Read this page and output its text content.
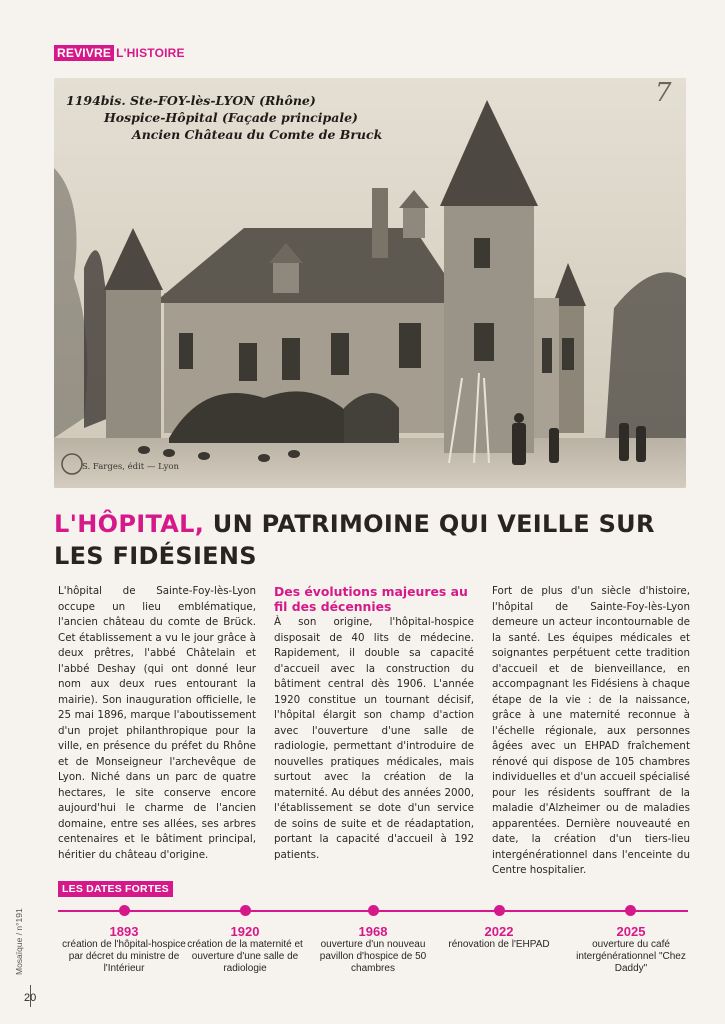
REVIVRE L'HISTOIRE
1194bis. Ste-FOY-lès-LYON (Rhône)
Hospice-Hôpital (Façade principale)
Ancien Château du Comte de Bruck
S. Farges, édit — Lyon
7
L'HÔPITAL, UN PATRIMOINE QUI VEILLE SUR LES FIDÉSIENS
L'hôpital de Sainte-Foy-lès-Lyon occupe un lieu emblématique, l'ancien château du comte de Brück. Cet établissement a vu le jour grâce à deux prêtres, l'abbé Châtelain et l'abbé Deshay (qui ont donné leur nom aux deux rues entourant la mairie). Son inauguration officielle, le 25 mai 1896, marque l'aboutissement d'un projet philanthropique pour la ville, en présence du préfet du Rhône et de Monseigneur l'archevêque de Lyon. Niché dans un parc de quatre hectares, le site conserve encore aujourd'hui le charme de l'ancien domaine, entre ses allées, ses arbres centenaires et le bâtiment principal, héritier du château d'origine.
Des évolutions majeures au fil des décennies
À son origine, l'hôpital-hospice disposait de 40 lits de médecine. Rapidement, il double sa capacité d'accueil avec la construction du bâtiment central dès 1906. L'année 1920 constitue un tournant décisif, l'hôpital élargit son champ d'action avec l'ouverture d'une salle de radiologie, permettant d'introduire de nouvelles pratiques médicales, mais surtout avec la création de la maternité. Au début des années 2000, l'établissement se dote d'un service de soins de suite et de réadaptation, portant la capacité d'accueil à 192 patients.
Fort de plus d'un siècle d'histoire, l'hôpital de Sainte-Foy-lès-Lyon demeure un acteur incontournable de la santé. Les équipes médicales et soignantes perpétuent cette tradition d'accueil et de bienveillance, en accompagnant les Fidésiens à chaque étape de la vie : de la naissance, grâce à une maternité reconnue à l'échelle régionale, aux personnes âgées avec un EHPAD fraîchement rénové qui dispose de 105 chambres individuelles et d'un accueil spécialisé pour les résidents souffrant de la maladie d'Alzheimer ou de maladies apparentées. Dernière nouveauté en date, la création d'un tiers-lieu intergénérationnel dans l'enceinte du Centre hospitalier.
LES DATES FORTES
1893
création de l'hôpital-hospice par décret du ministre de l'Intérieur
1920
création de la maternité et ouverture d'une salle de radiologie
1968
ouverture d'un nouveau pavillon d'hospice de 50 chambres
2022
rénovation de l'EHPAD
2025
ouverture du café intergénérationnel "Chez Daddy"
Mosaïque / n°191
20
